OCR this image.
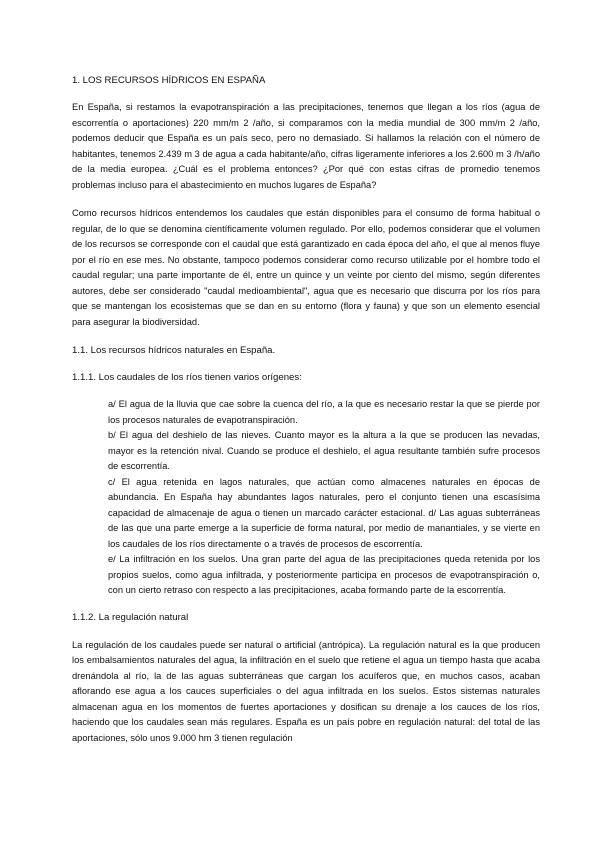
1. LOS RECURSOS HÍDRICOS EN ESPAÑA

En España, si restamos la evapotranspiración a las precipitaciones, tenemos que llegan a los ríos (agua de escorrentía o aportaciones) 220 mm/m 2 /año, si comparamos con la media mundial de 300 mm/m 2 /año, podemos deducir que España es un país seco, pero no demasiado. Si hallamos la relación con el número de habitantes, tenemos 2.439 m 3 de agua a cada habitante/año, cifras ligeramente inferiores a los 2.600 m 3 /h/año de la media europea. ¿Cuál es el problema entonces? ¿Por qué con estas cifras de promedio tenemos problemas incluso para el abastecimiento en muchos lugares de España?

Como recursos hídricos entendemos los caudales que están disponibles para el consumo de forma habitual o regular, de lo que se denomina científicamente volumen regulado. Por ello, podemos considerar que el volumen de los recursos se corresponde con el caudal que está garantizado en cada época del año, el que al menos fluye por el río en ese mes. No obstante, tampoco podemos considerar como recurso utilizable por el hombre todo el caudal regular; una parte importante de él, entre un quince y un veinte por ciento del mismo, según diferentes autores, debe ser considerado "caudal medioambiental", agua que es necesario que discurra por los ríos para que se mantengan los ecosistemas que se dan en su entorno (flora y fauna) y que son un elemento esencial para asegurar la biodiversidad.

1.1. Los recursos hídricos naturales en España.
1.1.1. Los caudales de los ríos tienen varios orígenes:

a/ El agua de la lluvia que cae sobre la cuenca del río, a la que es necesario restar la que se pierde por los procesos naturales de evapotranspiración.

b/ El agua del deshielo de las nieves. Cuanto mayor es la altura a la que se producen las nevadas, mayor es la retención nival. Cuando se produce el deshielo, el agua resultante también sufre procesos de escorrentía.

c/ El agua retenida en lagos naturales, que actúan como almacenes naturales en épocas de abundancia. En España hay abundantes lagos naturales, pero el conjunto tienen una escasísima capacidad de almacenaje de agua o tienen un marcado carácter estacional. d/ Las aguas subterráneas de las que una parte emerge a la superficie de forma natural, por medio de manantiales, y se vierte en los caudales de los ríos directamente o a través de procesos de escorrentía.

e/ La infiltración en los suelos. Una gran parte del agua de las precipitaciones queda retenida por los propios suelos, como agua infiltrada, y posteriormente participa en procesos de evapotranspiración o, con un cierto retraso con respecto a las precipitaciones, acaba formando parte de la escorrentía.

1.1.2. La regulación natural

La regulación de los caudales puede ser natural o artificial (antrópica). La regulación natural es la que producen los embalsamientos naturales del agua, la infiltración en el suelo que retiene el agua un tiempo hasta que acaba drenándola al río, la de las aguas subterráneas que cargan los acuíferos que, en muchos casos, acaban aflorando ese agua a los cauces superficiales o del agua infiltrada en los suelos. Estos sistemas naturales almacenan agua en los momentos de fuertes aportaciones y dosifican su drenaje a los cauces de los ríos, haciendo que los caudales sean más regulares. España es un país pobre en regulación natural: del total de las aportaciones, sólo unos 9.000 hm 3 tienen regulación
